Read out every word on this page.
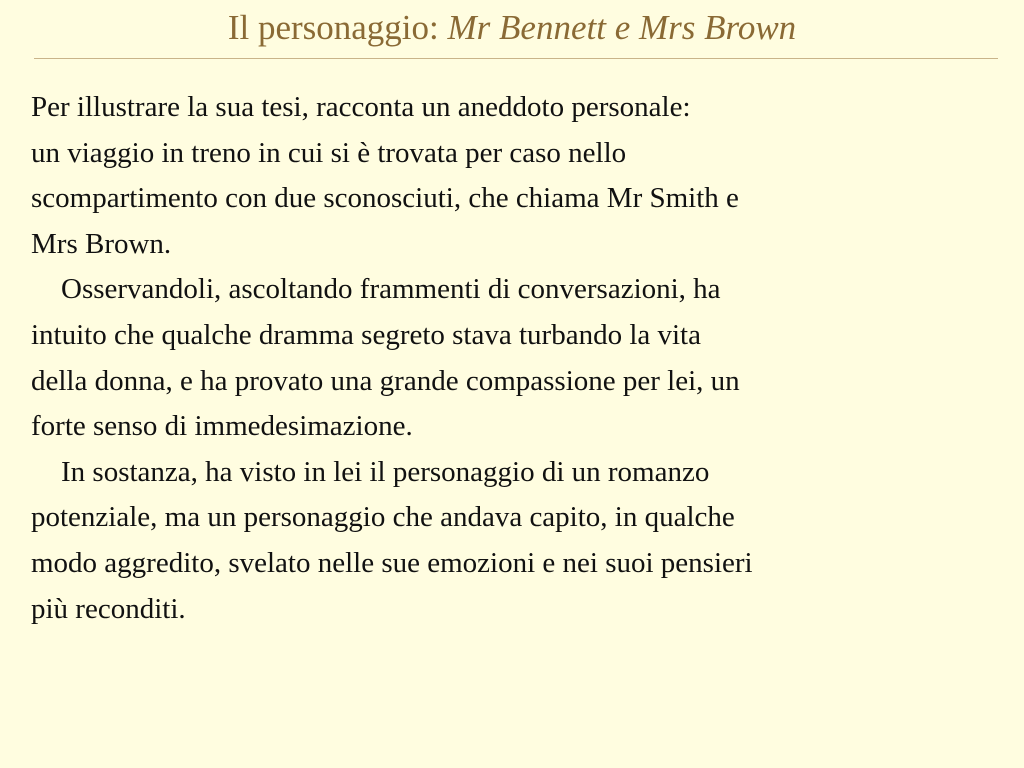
Il personaggio: Mr Bennett e Mrs Brown

Per illustrare la sua tesi, racconta un aneddoto personale:
un viaggio in treno in cui si è trovata per caso nello
scompartimento con due sconosciuti, che chiama Mr Smith e
Mrs Brown.

Osservandoli, ascoltando frammenti di conversazioni, ha
intuito che qualche dramma segreto stava turbando la vita
della donna, e ha provato una grande compassione per lei, un
forte senso di immedesimazione.

In sostanza, ha visto in lei il personaggio di un romanzo
potenziale, ma un personaggio che andava capito, in qualche
modo aggredito, svelato nelle sue emozioni e nei suoi pensieri
più reconditi.
